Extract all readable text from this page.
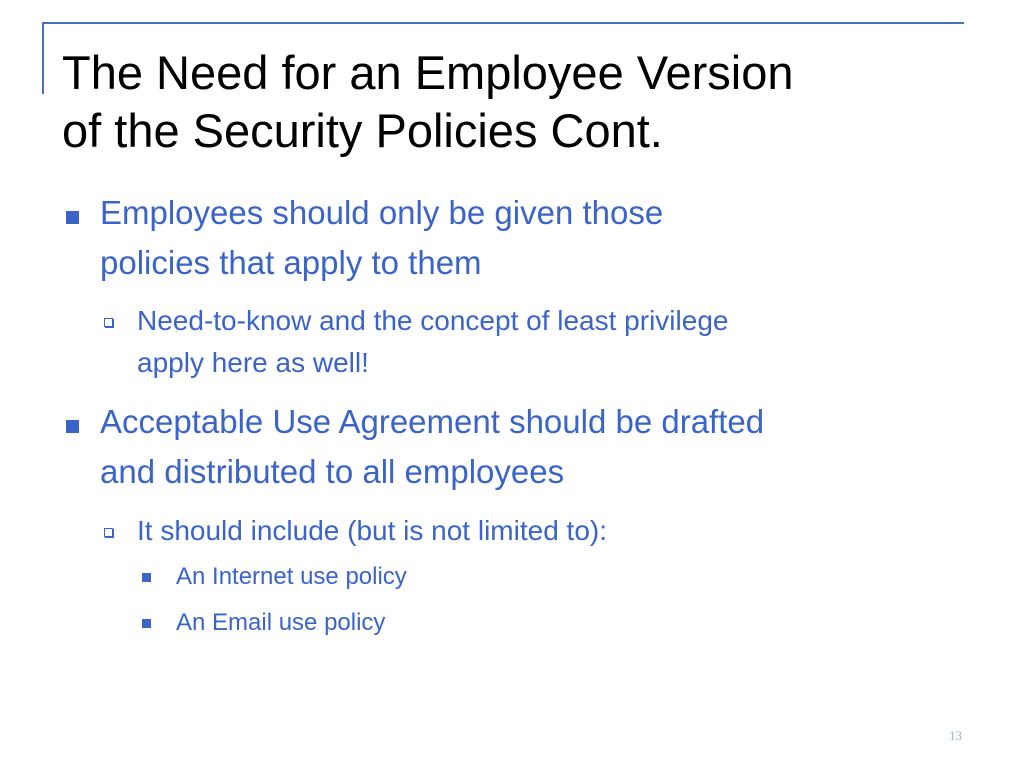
The Need for an Employee Version
of the Security Policies Cont.
Employees should only be given those
policies that apply to them
Need-to-know and the concept of least privilege
apply here as well!
Acceptable Use Agreement should be drafted
and distributed to all employees
It should include (but is not limited to):
An Internet use policy
An Email use policy
13
